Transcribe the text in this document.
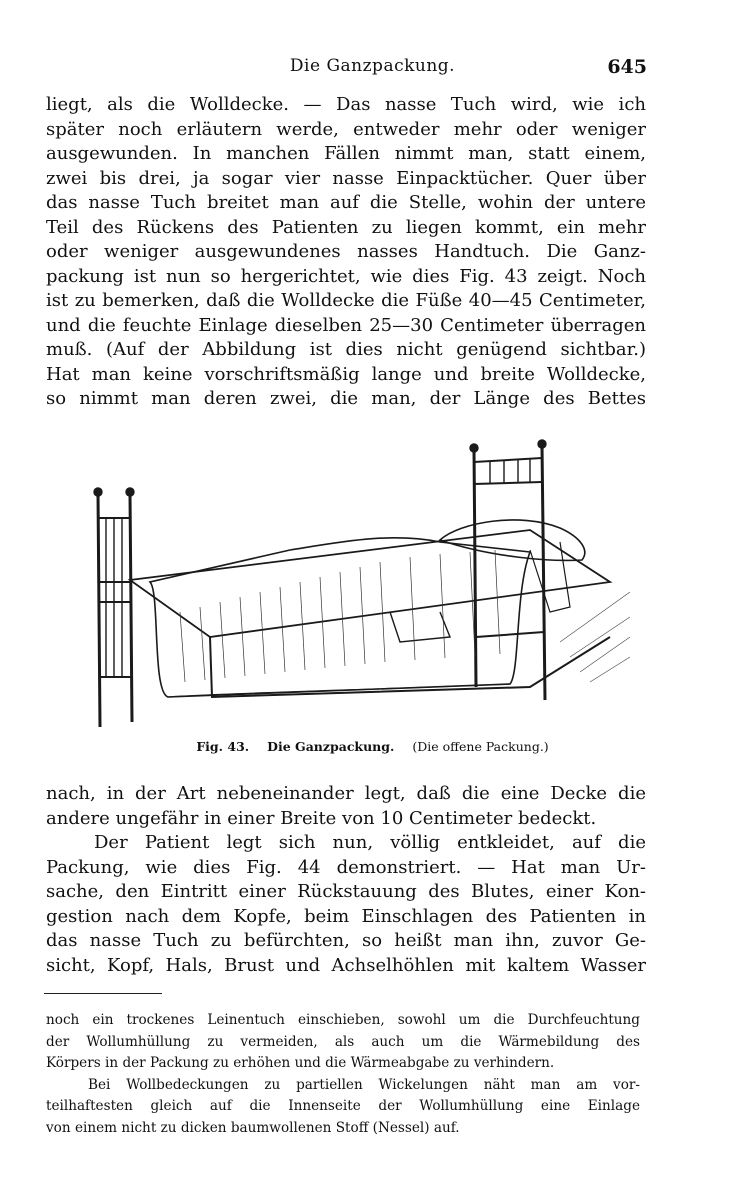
Die Ganzpackung.	645
liegt, als die Wolldecke. — Das nasse Tuch wird, wie ich
später noch erläutern werde, entweder mehr oder weniger
ausgewunden. In manchen Fällen nimmt man, statt einem,
zwei bis drei, ja sogar vier nasse Einpacktücher. Quer über
das nasse Tuch breitet man auf die Stelle, wohin der untere
Teil des Rückens des Patienten zu liegen kommt, ein mehr
oder weniger ausgewundenes nasses Handtuch. Die Ganz-
packung ist nun so hergerichtet, wie dies Fig. 43 zeigt. Noch
ist zu bemerken, daß die Wolldecke die Füße 40—45 Centimeter,
und die feuchte Einlage dieselben 25—30 Centimeter überragen
muß. (Auf der Abbildung ist dies nicht genügend sichtbar.)
Hat man keine vorschriftsmäßig lange und breite Wolldecke,
so nimmt man deren zwei, die man, der Länge des Bettes
Fig. 43. Die Ganzpackung. (Die offene Packung.)
nach, in der Art nebeneinander legt, daß die eine Decke die
andere ungefähr in einer Breite von 10 Centimeter bedeckt.
Der Patient legt sich nun, völlig entkleidet, auf die
Packung, wie dies Fig. 44 demonstriert. — Hat man Ur-
sache, den Eintritt einer Rückstauung des Blutes, einer Kon-
gestion nach dem Kopfe, beim Einschlagen des Patienten in
das nasse Tuch zu befürchten, so heißt man ihn, zuvor Ge-
sicht, Kopf, Hals, Brust und Achselhöhlen mit kaltem Wasser
noch ein trockenes Leinentuch einschieben, sowohl um die Durchfeuchtung
der Wollumhüllung zu vermeiden, als auch um die Wärmebildung des
Körpers in der Packung zu erhöhen und die Wärmeabgabe zu verhindern.
Bei Wollbedeckungen zu partiellen Wickelungen näht man am vor-
teilhaftesten gleich auf die Innenseite der Wollumhüllung eine Einlage
von einem nicht zu dicken baumwollenen Stoff (Nessel) auf.
